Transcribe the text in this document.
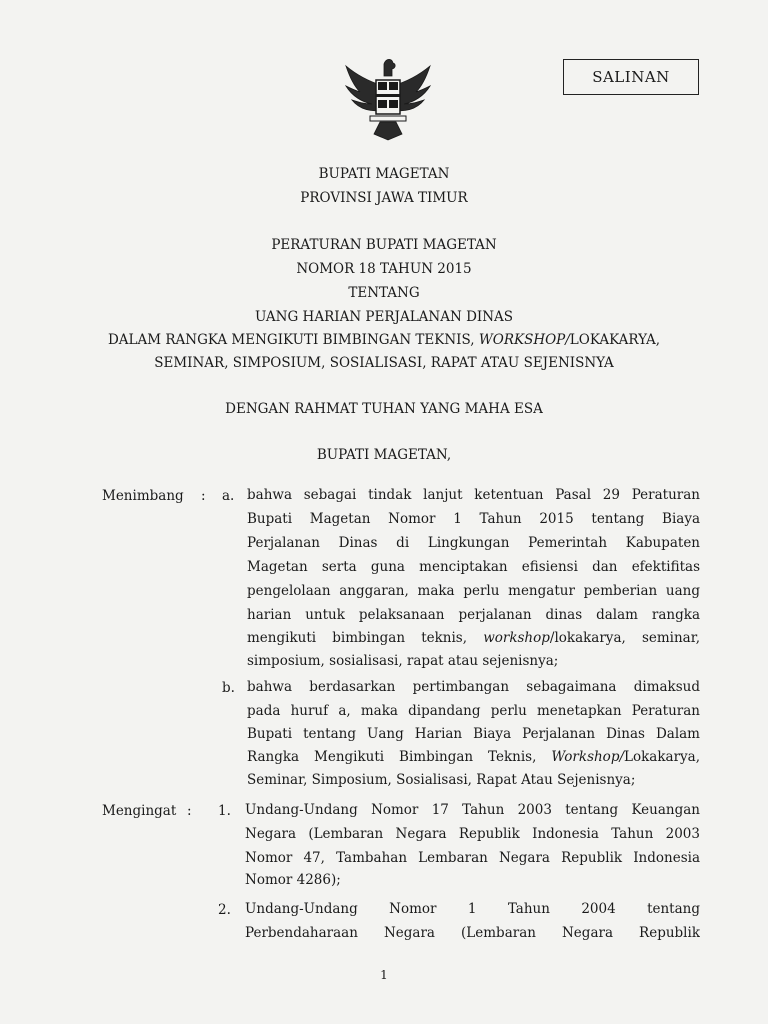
SALINAN
BUPATI MAGETAN
PROVINSI JAWA TIMUR
PERATURAN BUPATI MAGETAN
NOMOR 18 TAHUN 2015
TENTANG
UANG HARIAN PERJALANAN DINAS
DALAM RANGKA MENGIKUTI BIMBINGAN TEKNIS, WORKSHOP/LOKAKARYA,
SEMINAR, SIMPOSIUM, SOSIALISASI, RAPAT ATAU SEJENISNYA
DENGAN RAHMAT TUHAN YANG MAHA ESA
BUPATI MAGETAN,
Menimbang : a. bahwa sebagai tindak lanjut ketentuan Pasal 29 Peraturan
Bupati Magetan Nomor 1 Tahun 2015 tentang Biaya
Perjalanan Dinas di Lingkungan Pemerintah Kabupaten
Magetan serta guna menciptakan efisiensi dan efektifitas
pengelolaan anggaran, maka perlu mengatur pemberian uang
harian untuk pelaksanaan perjalanan dinas dalam rangka
mengikuti bimbingan teknis, workshop/lokakarya, seminar,
simposium, sosialisasi, rapat atau sejenisnya;
b. bahwa berdasarkan pertimbangan sebagaimana dimaksud
pada huruf a, maka dipandang perlu menetapkan Peraturan
Bupati tentang Uang Harian Biaya Perjalanan Dinas Dalam
Rangka Mengikuti Bimbingan Teknis, Workshop/Lokakarya,
Seminar, Simposium, Sosialisasi, Rapat Atau Sejenisnya;
Mengingat : 1. Undang-Undang Nomor 17 Tahun 2003 tentang Keuangan
Negara (Lembaran Negara Republik Indonesia Tahun 2003
Nomor 47, Tambahan Lembaran Negara Republik Indonesia
Nomor 4286);
2. Undang-Undang Nomor 1 Tahun 2004 tentang
Perbendaharaan Negara (Lembaran Negara Republik
1
